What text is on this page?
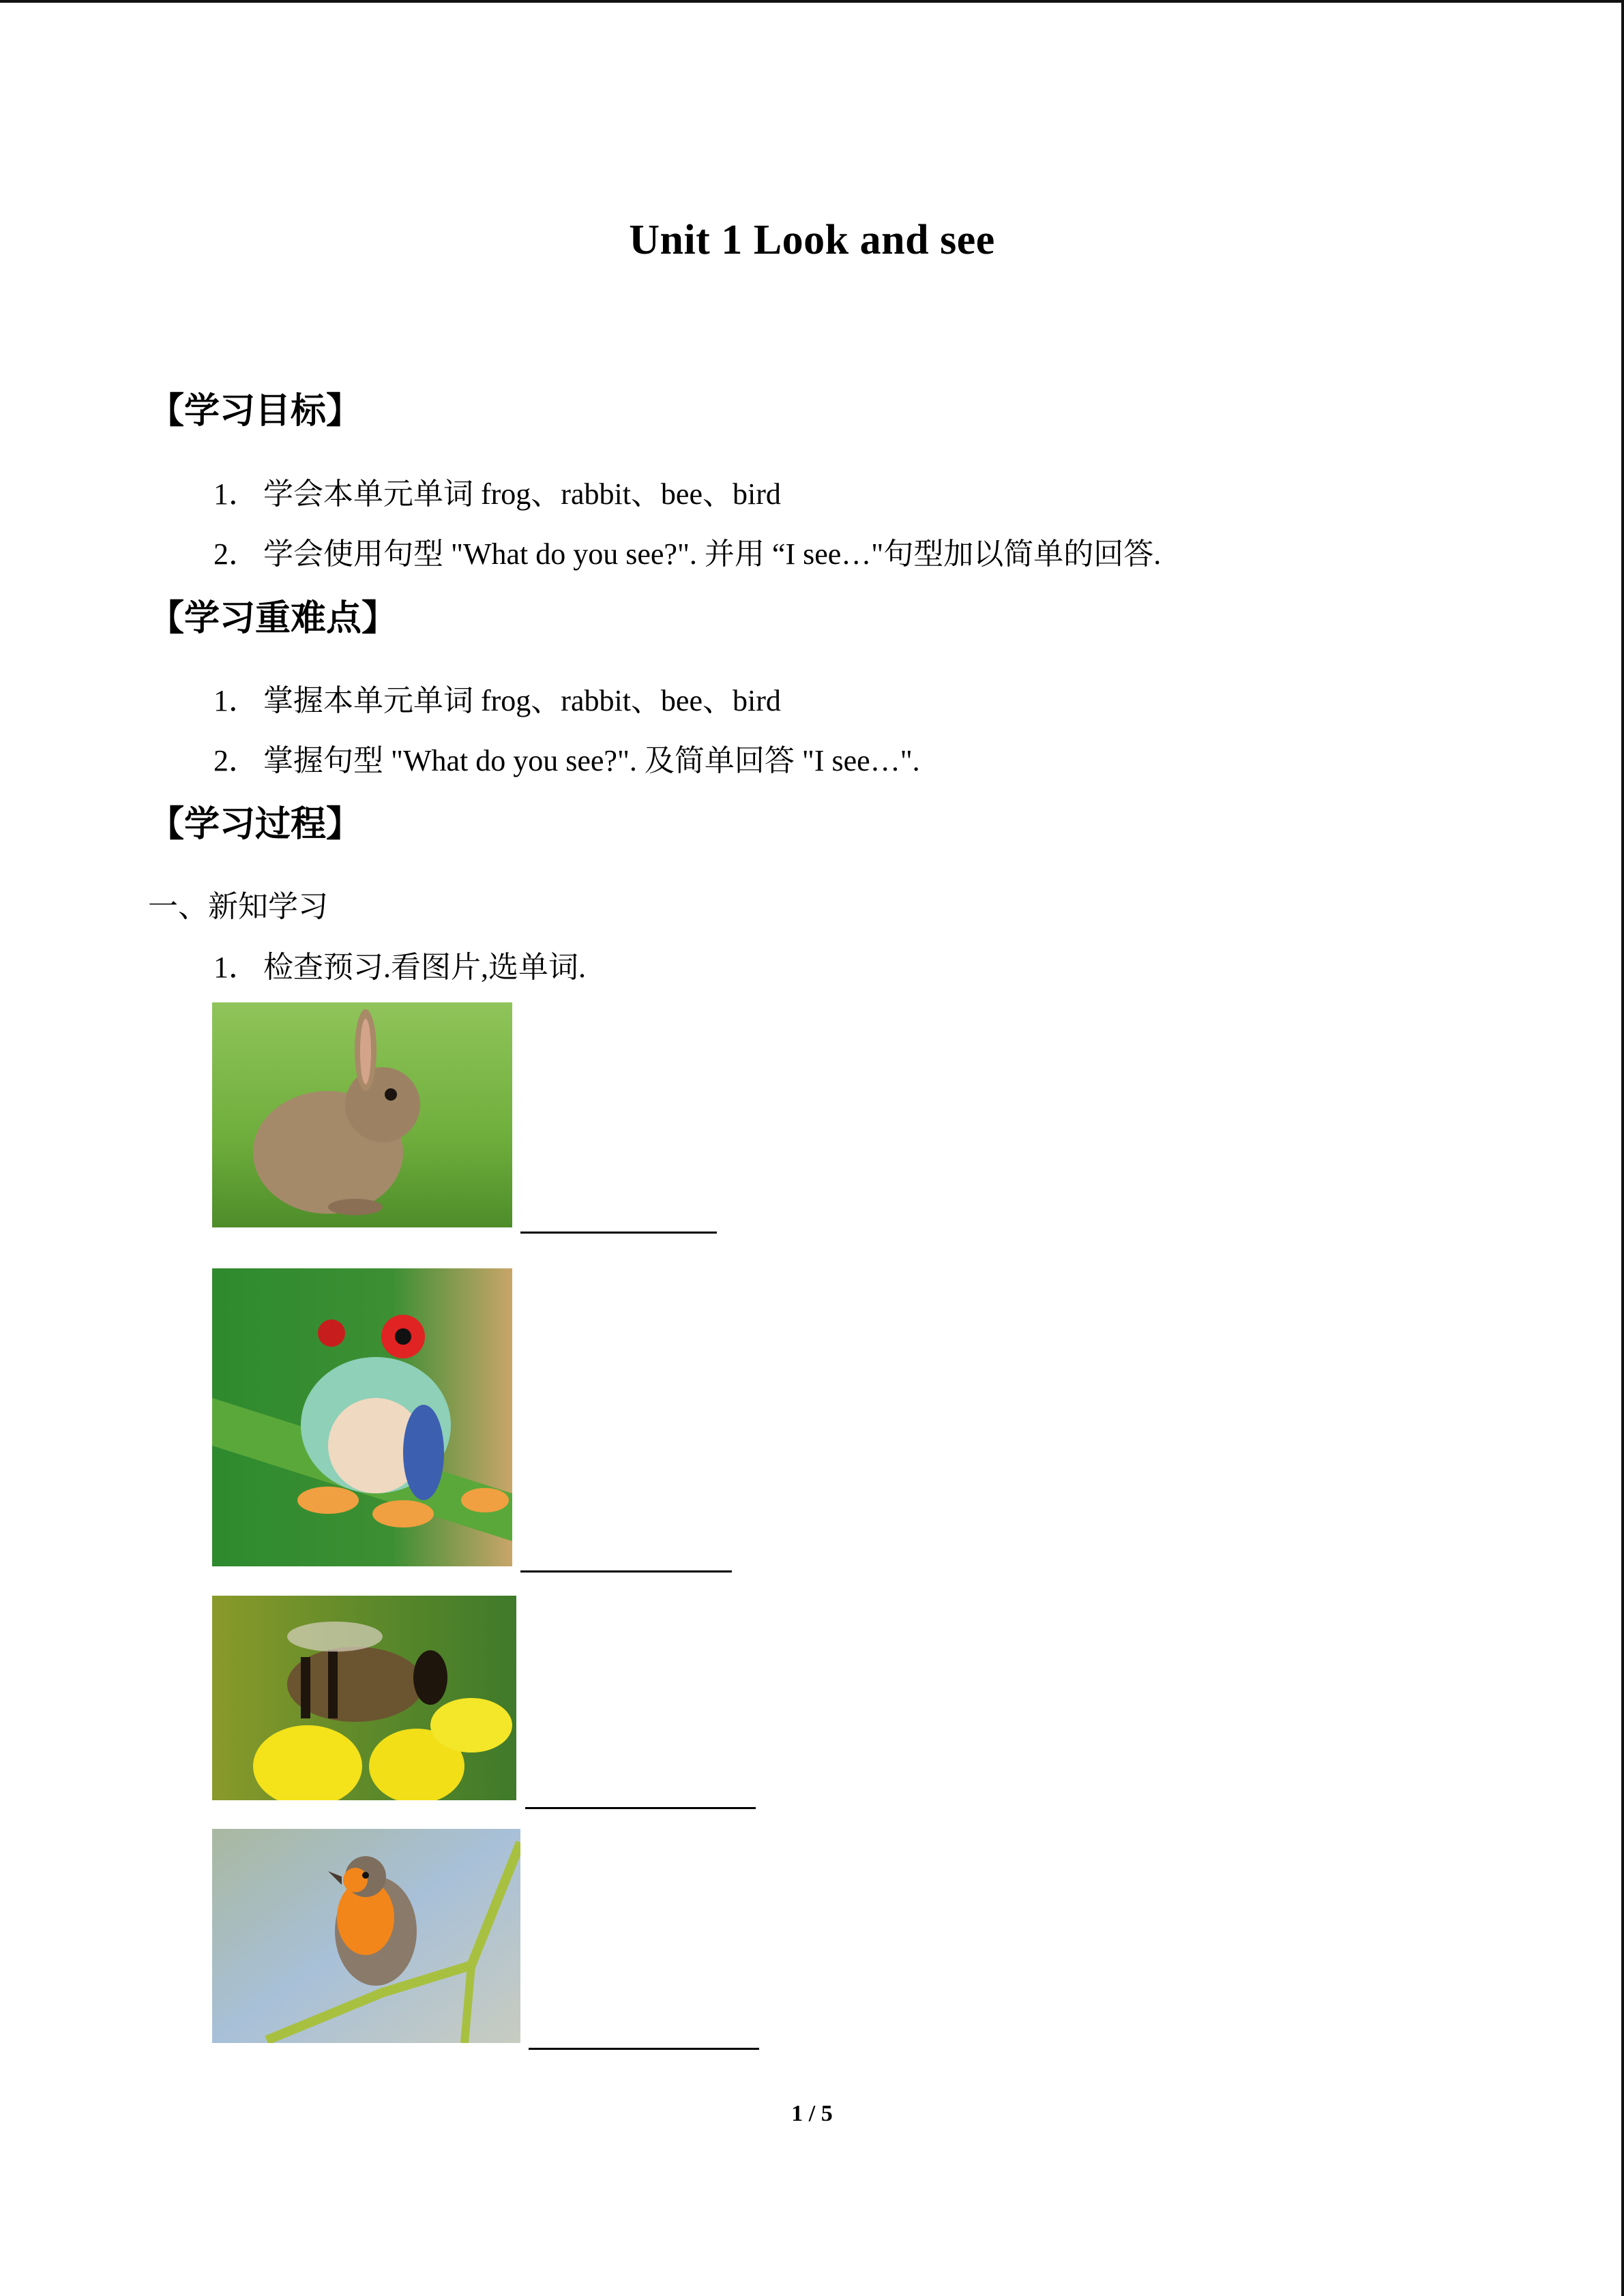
Unit 1 Look and see
【学习目标】
1． 学会本单元单词 frog、rabbit、bee、bird
2． 学会使用句型 "What do you see?". 并用 “I see…"句型加以简单的回答.
【学习重难点】
1． 掌握本单元单词 frog、rabbit、bee、bird
2． 掌握句型 "What do you see?". 及简单回答 "I see…".
【学习过程】
一、新知学习
1． 检查预习.看图片,选单词.
1 / 5
